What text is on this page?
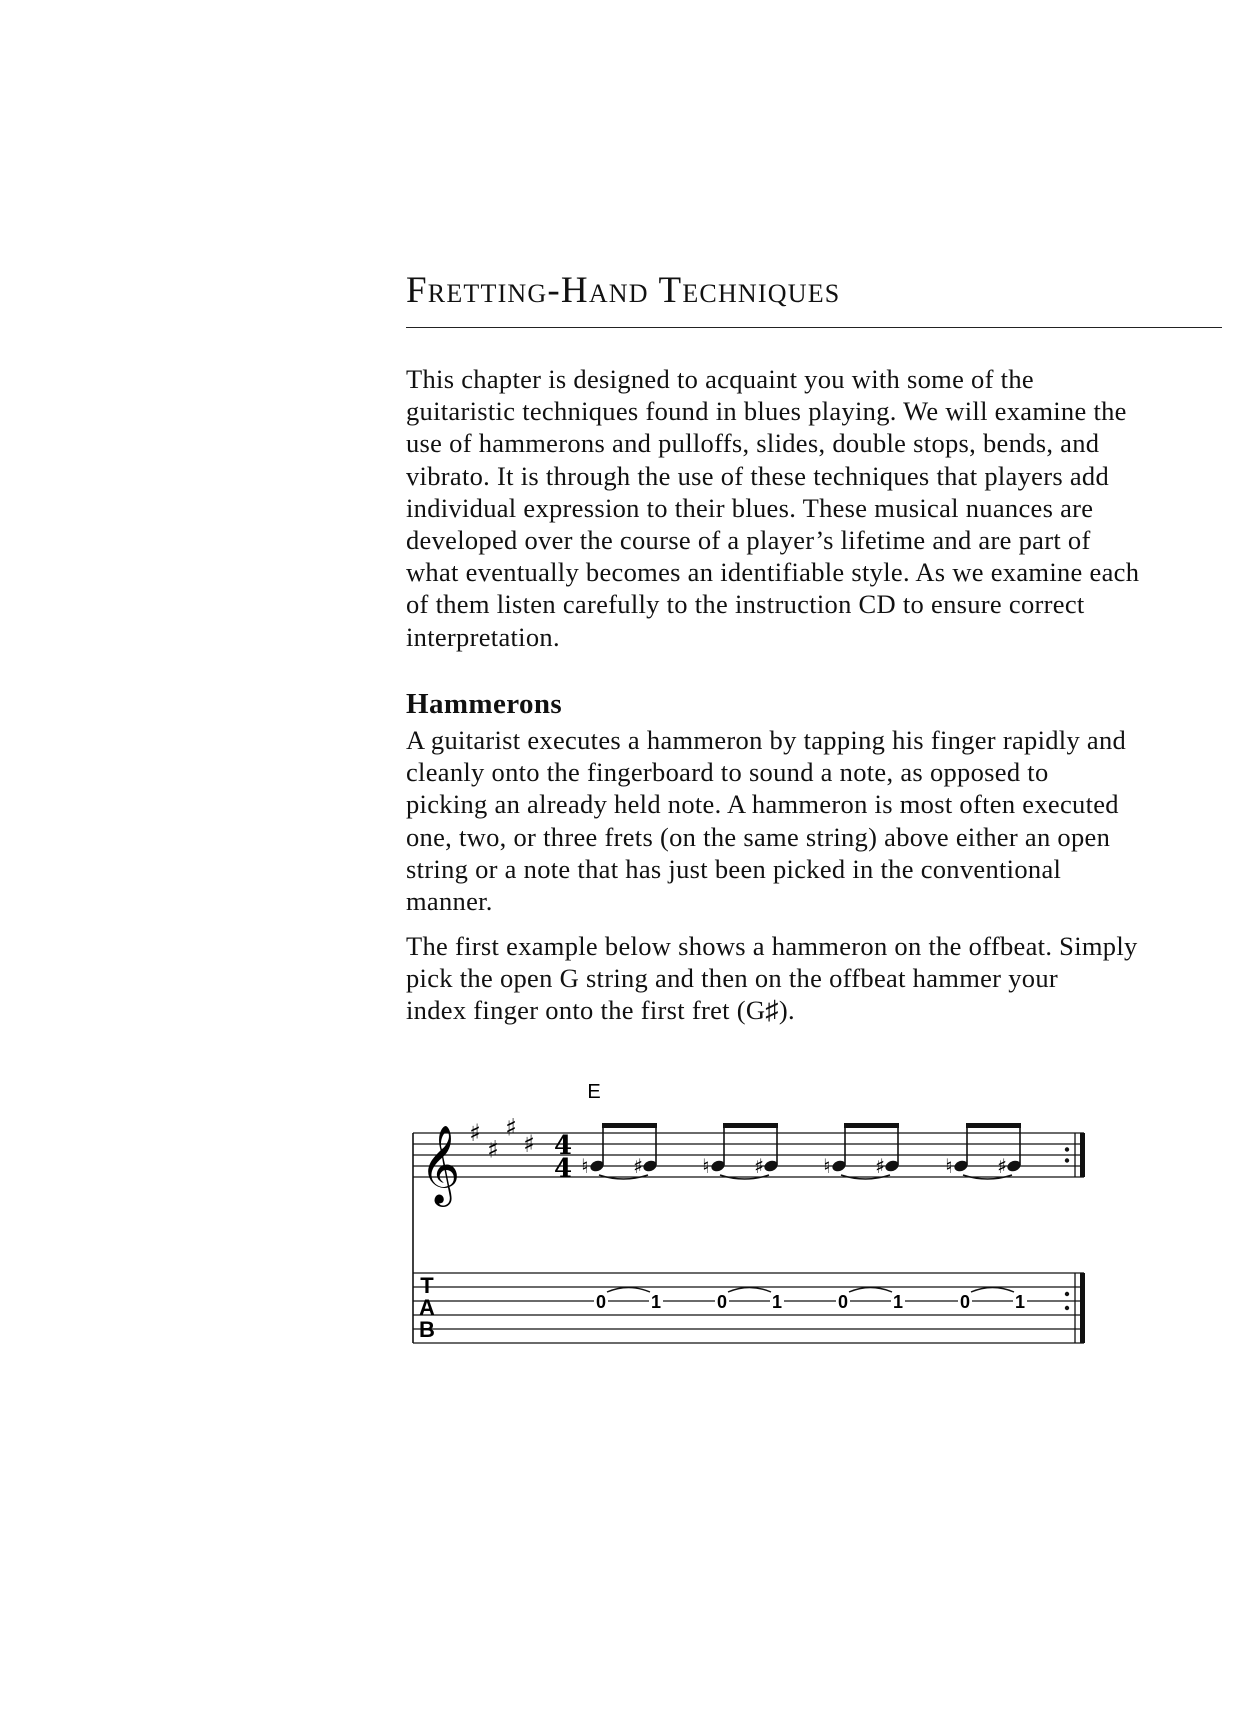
Fretting-Hand Techniques

This chapter is designed to acquaint you with some of the
guitaristic techniques found in blues playing. We will examine the
use of hammerons and pulloffs, slides, double stops, bends, and
vibrato. It is through the use of these techniques that players add
individual expression to their blues. These musical nuances are
developed over the course of a player’s lifetime and are part of
what eventually becomes an identifiable style. As we examine each
of them listen carefully to the instruction CD to ensure correct
interpretation.

Hammerons

A guitarist executes a hammeron by tapping his finger rapidly and
cleanly onto the fingerboard to sound a note, as opposed to
picking an already held note. A hammeron is most often executed
one, two, or three frets (on the same string) above either an open
string or a note that has just been picked in the conventional
manner.

The first example below shows a hammeron on the offbeat. Simply
pick the open G string and then on the offbeat hammer your
index finger onto the first fret (G♯).

E
𝄞 ♯
♯
♯
♯ 4
4
T
A
B
♮ ♯
0 1
♮ ♯
0 1
♮ ♯
0 1
♮ ♯
0 1
